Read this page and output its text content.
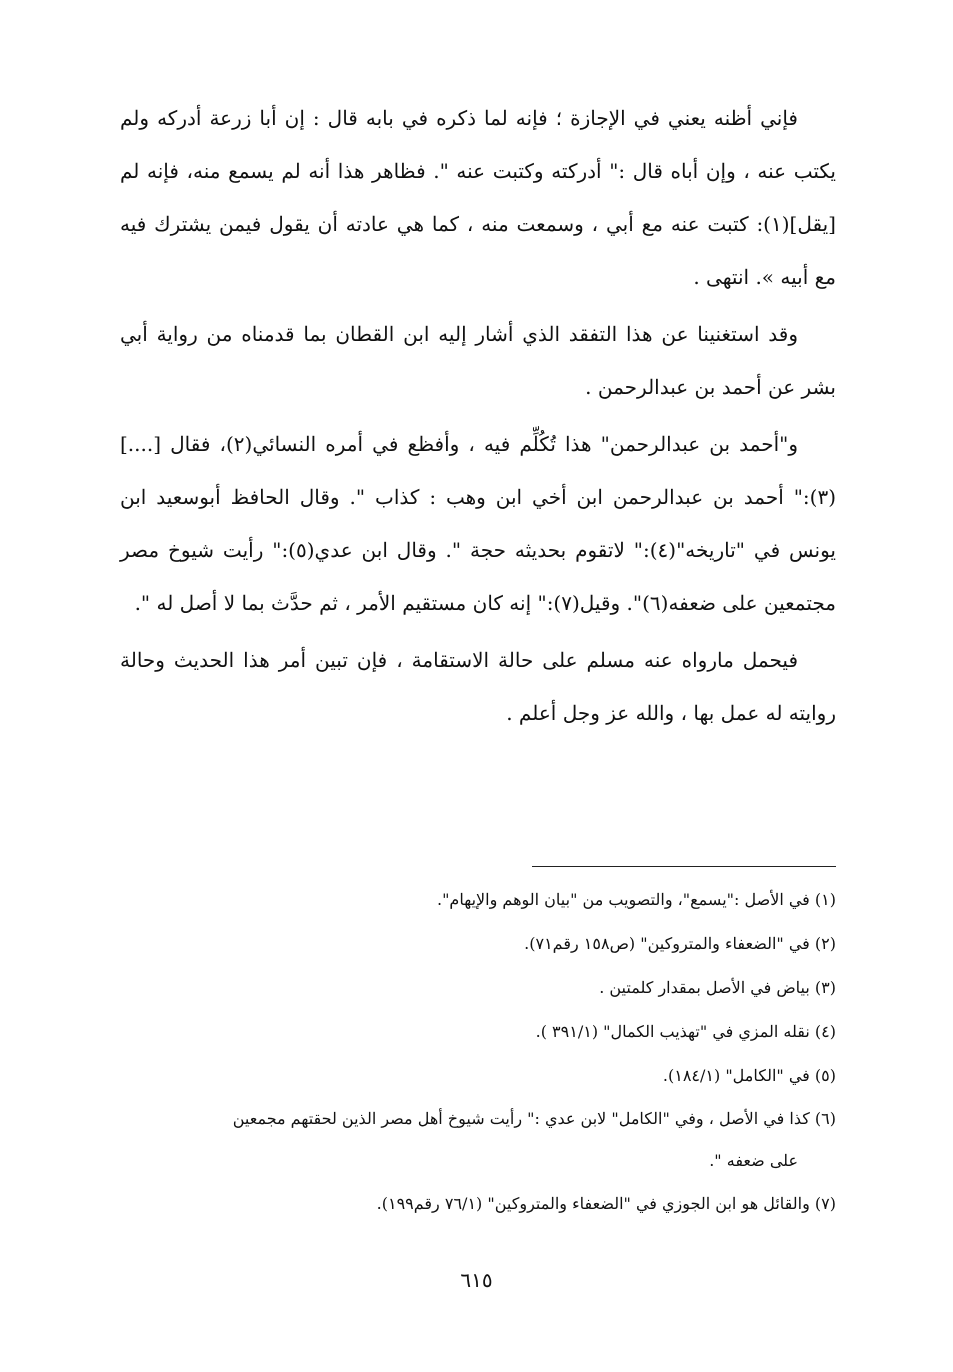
فإني أظنه يعني في الإجازة ؛ فإنه لما ذكره في بابه قال : إن أبا زرعة أدركه ولم يكتب عنه ، وإن أباه قال :" أدركته وكتبت عنه ". فظاهر هذا أنه لم يسمع منه، فإنه لم [يقل](١): كتبت عنه مع أبي ، وسمعت منه ، كما هي عادته أن يقول فيمن يشترك فيه مع أبيه ». انتهى .

وقد استغنينا عن هذا التفقد الذي أشار إليه ابن القطان بما قدمناه من رواية أبي بشر عن أحمد بن عبدالرحمن .

و"أحمد بن عبدالرحمن" هذا تُكُلِّم فيه ، وأفظع في أمره النسائي(٢)، فقال [....](٣):" أحمد بن عبدالرحمن ابن أخي ابن وهب : كذاب ". وقال الحافظ أبوسعيد ابن يونس في "تاريخه"(٤):" لاتقوم بحديثه حجة ". وقال ابن عدي(٥):" رأيت شيوخ مصر مجتمعين على ضعفه(٦)". وقيل(٧):" إنه كان مستقيم الأمر ، ثم حدَّث بما لا أصل له ".

فيحمل مارواه عنه مسلم على حالة الاستقامة ، فإن تبين أمر هذا الحديث وحالة روايته له عمل بها ، والله عز وجل أعلم .

(١) في الأصل :"يسمع"، والتصويب من "بيان الوهم والإيهام".

(٢) في "الضعفاء والمتروكين" (ص١٥٨ رقم٧١).

(٣) بياض في الأصل بمقدار كلمتين .

(٤) نقله المزي في "تهذيب الكمال" (٣٩١/١ ).

(٥) في "الكامل" (١٨٤/١).

(٦) كذا في الأصل ، وفي "الكامل" لابن عدي :" رأيت شيوخ أهل مصر الذين لحقتهم مجمعين

على ضعفه ".

(٧) والقائل هو ابن الجوزي في "الضعفاء والمتروكين" (٧٦/١ رقم١٩٩).

٦١٥
